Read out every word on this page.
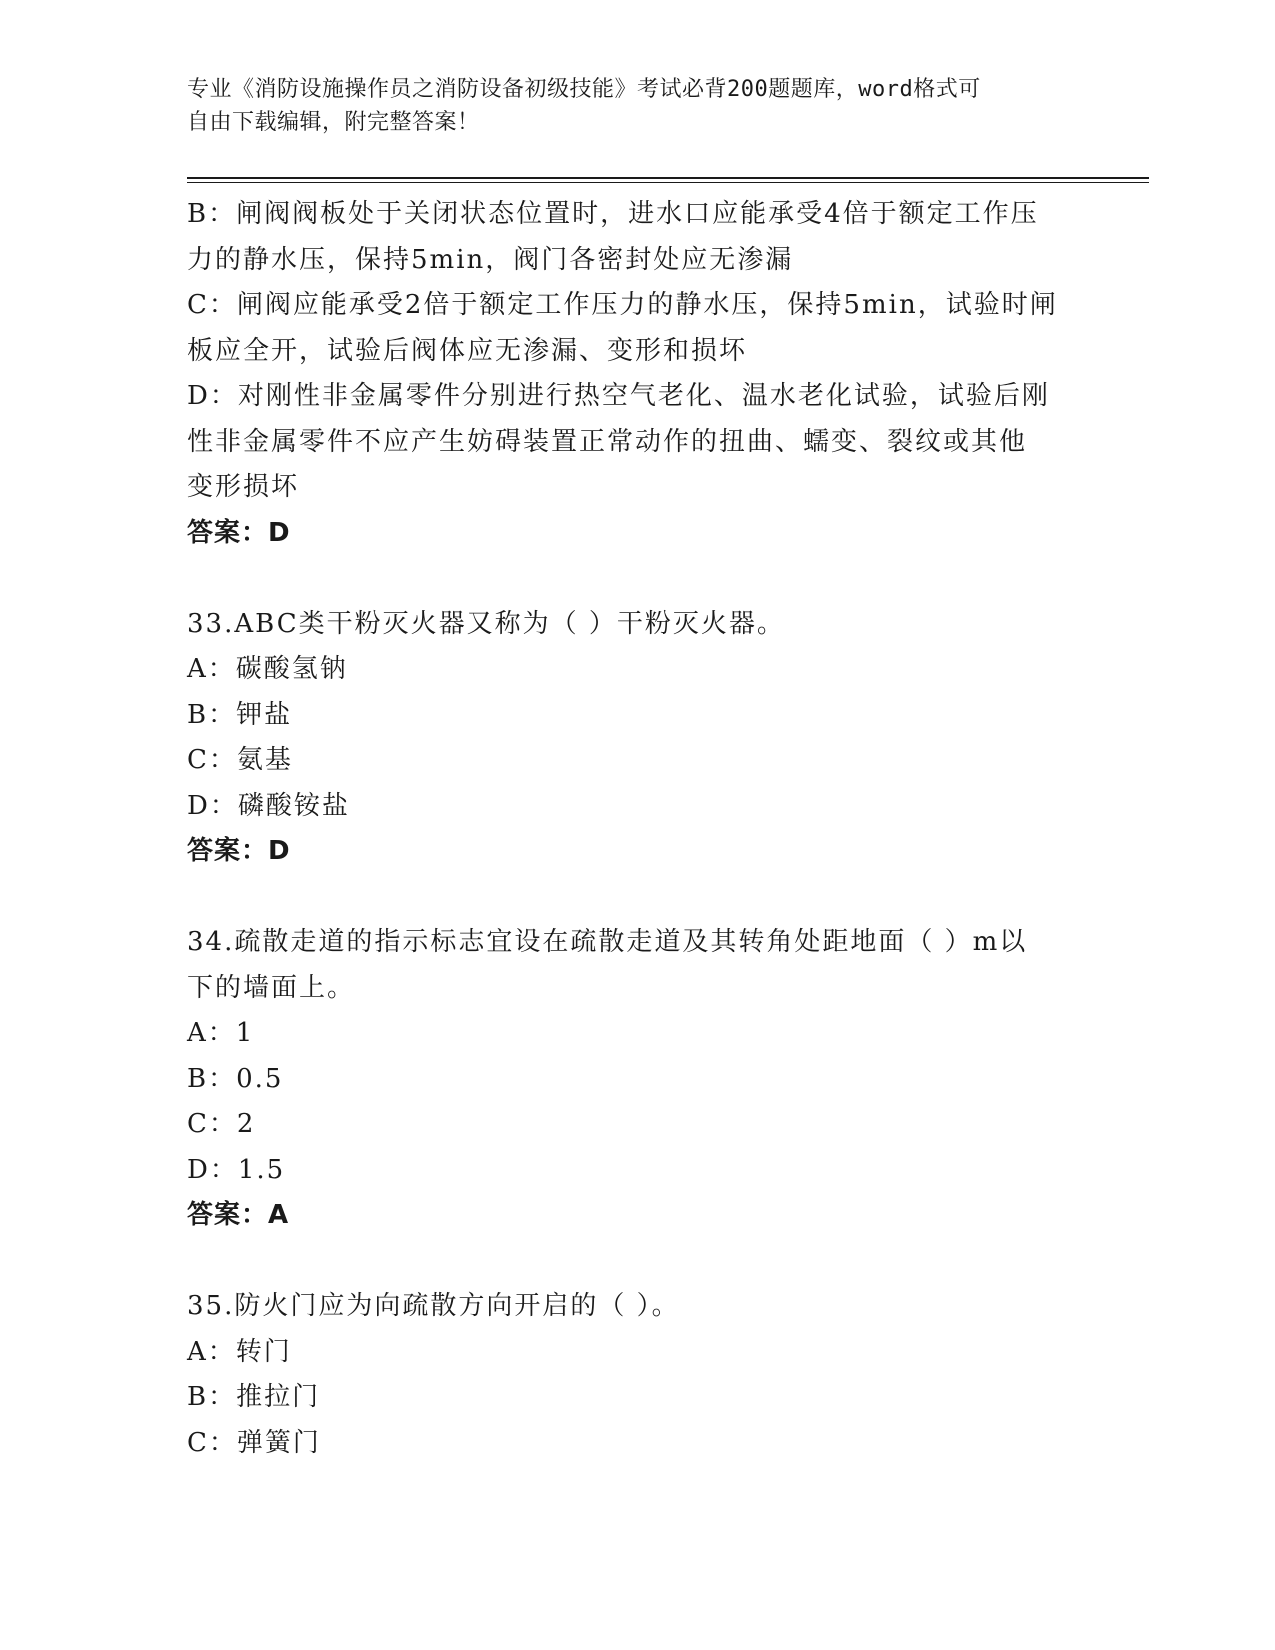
专业《消防设施操作员之消防设备初级技能》考试必背200题题库，word格式可
自由下载编辑，附完整答案！
B：闸阀阀板处于关闭状态位置时，进水口应能承受4倍于额定工作压
力的静水压，保持5min，阀门各密封处应无渗漏
C：闸阀应能承受2倍于额定工作压力的静水压，保持5min，试验时闸
板应全开，试验后阀体应无渗漏、变形和损坏
D：对刚性非金属零件分别进行热空气老化、温水老化试验，试验后刚
性非金属零件不应产生妨碍装置正常动作的扭曲、蠕变、裂纹或其他
变形损坏
答案：D
33.ABC类干粉灭火器又称为（ ）干粉灭火器。
A：碳酸氢钠
B：钾盐
C：氨基
D：磷酸铵盐
答案：D
34.疏散走道的指示标志宜设在疏散走道及其转角处距地面（ ）m以
下的墙面上。
A：1
B：0.5
C：2
D：1.5
答案：A
35.防火门应为向疏散方向开启的（ ）。
A：转门
B：推拉门
C：弹簧门
